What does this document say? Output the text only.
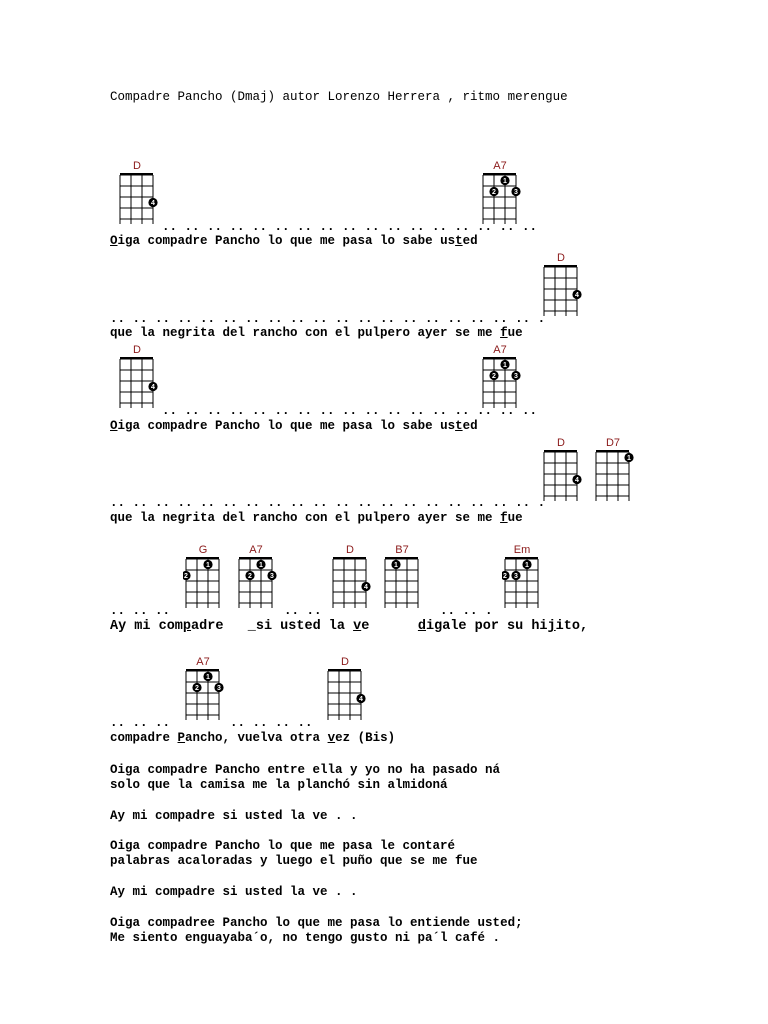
Compadre Pancho (Dmaj) autor Lorenzo Herrera , ritmo merengue
D
4
A7
1
2	3
.. .. .. .. .. .. .. .. .. .. .. .. .. .. .. .. ..
Oiga compadre Pancho lo que me pasa lo sabe usted
D
4
.. .. .. .. .. .. .. .. .. .. .. .. .. .. .. .. .. .. .. .
que la negrita del rancho con el pulpero ayer se me fue
D
4
A7
1
2	3
.. .. .. .. .. .. .. .. .. .. .. .. .. .. .. .. ..
Oiga compadre Pancho lo que me pasa lo sabe usted
D
4
D7
1
.. .. .. .. .. .. .. .. .. .. .. .. .. .. .. .. .. .. .. .
que la negrita del rancho con el pulpero ayer se me fue
G
1
2
A7
1
2	3
D
4
B7
1
Em
1
2 3
.. .. ..	.. ..	.. .. .
Ay mi compadre   _si usted la ve      digale por su hijito,
A7
1
2	3
D
4
.. .. ..	.. .. .. ..
compadre Pancho, vuelva otra vez (Bis)
Oiga compadre Pancho entre ella y yo no ha pasado ná
solo que la camisa me la planchó sin almidoná
Ay mi compadre si usted la ve . .
Oiga compadre Pancho lo que me pasa le contaré
palabras acaloradas y luego el puño que se me fue
Ay mi compadre si usted la ve . .
Oiga compadree Pancho lo que me pasa lo entiende usted;
Me siento enguayaba´o, no tengo gusto ni pa´l café .
